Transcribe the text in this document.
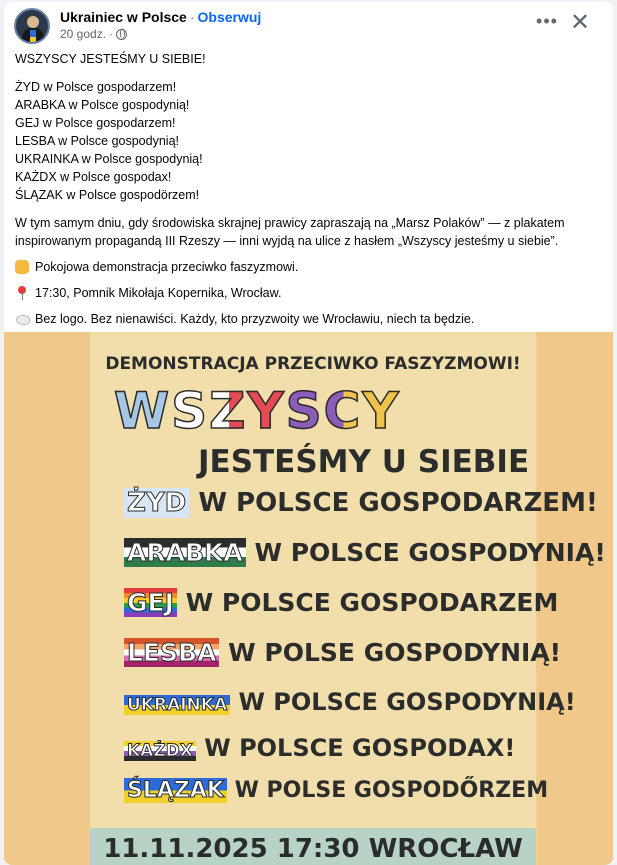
Ukrainiec w Polsce · Obserwuj
20 godz. ·
••• ✕

WSZYSCY JESTEŚMY U SIEBIE!

ŻYD w Polsce gospodarzem!

ARABKA w Polsce gospodynią!

GEJ w Polsce gospodarzem!

LESBA w Polsce gospodynią!

UKRAINKA w Polsce gospodynią!

KAŻDX w Polsce gospodax!

ŚLĄZAK w Polsce gospodörzem!

W tym samym dniu, gdy środowiska skrajnej prawicy zapraszają na „Marsz Polaków” — z plakatem inspirowanym propagandą III Rzeszy — inni wyjdą na ulice z hasłem „Wszyscy jesteśmy u siebie”.

Pokojowa demonstracja przeciwko faszyzmowi.
17:30, Pomnik Mikołaja Kopernika, Wrocław.
Bez logo. Bez nienawiści. Każdy, kto przyzwoity we Wrocławiu, niech ta będzie.
DEMONSTRACJA PRZECIWKO FASZYZMOWI!
WSZYSCY
JESTEŚMY U SIEBIE
ŻYD W POLSCE GOSPODARZEM!
ARABKA W POLSCE GOSPODYNIĄ!
GEJ W POLSCE GOSPODARZEM
LESBA W POLSE GOSPODYNIĄ!
UKRAINKA W POLSCE GOSPODYNIĄ!
KAŻDX W POLSCE GOSPODAX!
ŚLĄZAK W POLSE GOSPODŐRZEM
11.11.2025 17:30 WROCŁAW
